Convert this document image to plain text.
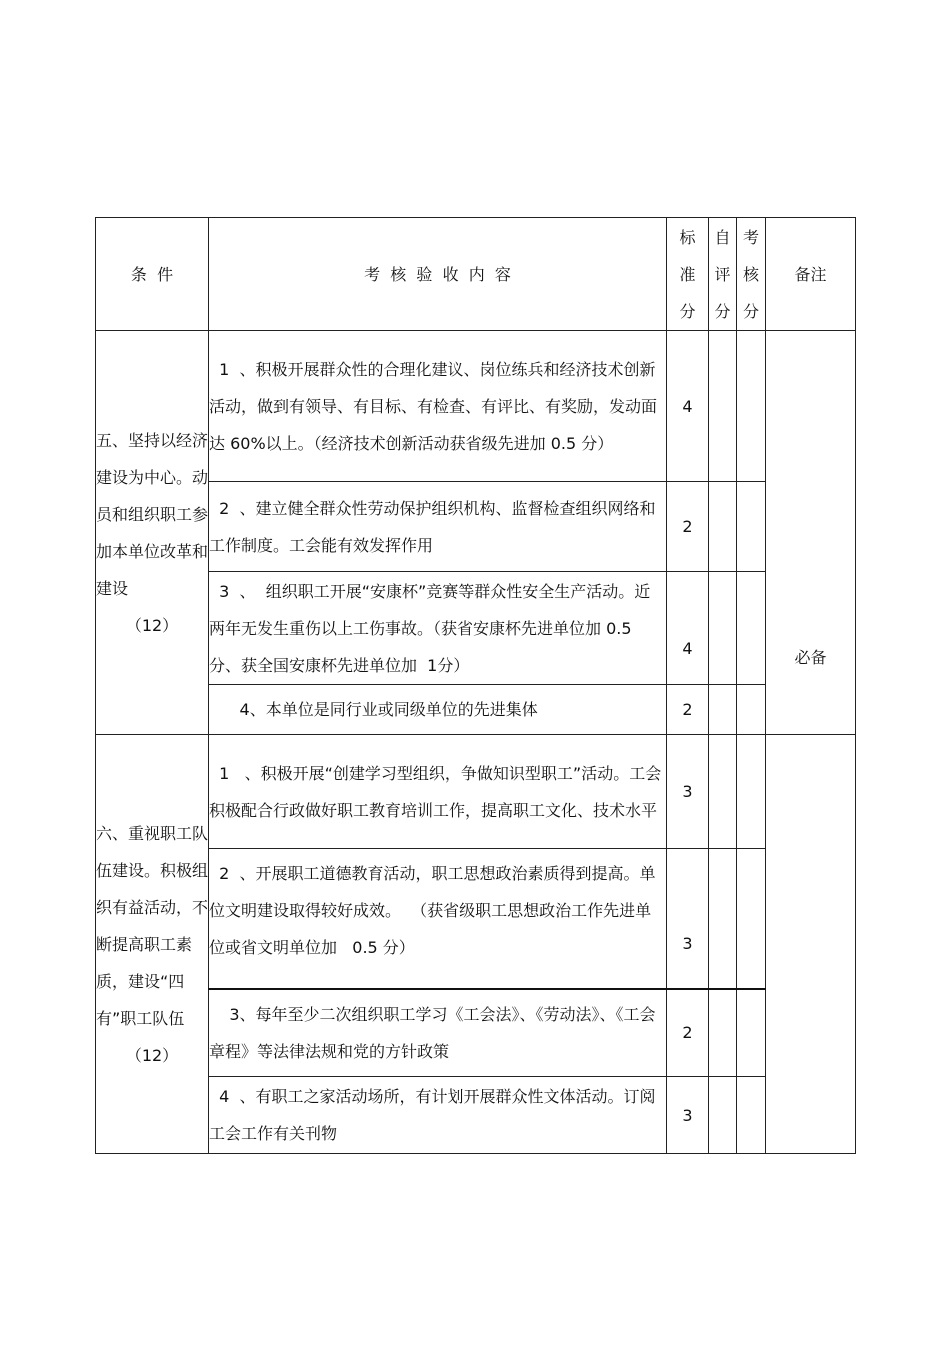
条  件	考  核  验  收  内  容	标
准
分	自
评
分	考
核
分	备注
五、坚持以经济建设为中心。动员和组织职工参加本单位改革和建设
（12）	1  、积极开展群众性的合理化建议、岗位练兵和经济技术创新活动，做到有领导、有目标、有检查、有评比、有奖励，发动面达 60%以上。（经济技术创新活动获省级先进加 0.5 分）	4			必备
	2  、建立健全群众性劳动保护组织机构、监督检查组织网络和工作制度。工会能有效发挥作用	2			
	3  、  组织职工开展“安康杯”竞赛等群众性安全生产活动。近两年无发生重伤以上工伤事故。（获省安康杯先进单位加 0.5 分、获全国安康杯先进单位加  1分）	4			
	4、本单位是同行业或同级单位的先进集体	2			
六、重视职工队伍建设。积极组织有益活动，不断提高职工素质，建设“四有”职工队伍
（12）	1   、积极开展“创建学习型组织，争做知识型职工”活动。工会积极配合行政做好职工教育培训工作，提高职工文化、技术水平	3			
	2  、开展职工道德教育活动，职工思想政治素质得到提高。单位文明建设取得较好成效。  （获省级职工思想政治工作先进单位或省文明单位加   0.5 分）	3			
	3、每年至少二次组织职工学习《工会法》、《劳动法》、《工会章程》等法律法规和党的方针政策	2			
	4  、有职工之家活动场所，有计划开展群众性文体活动。订阅工会工作有关刊物	3			
